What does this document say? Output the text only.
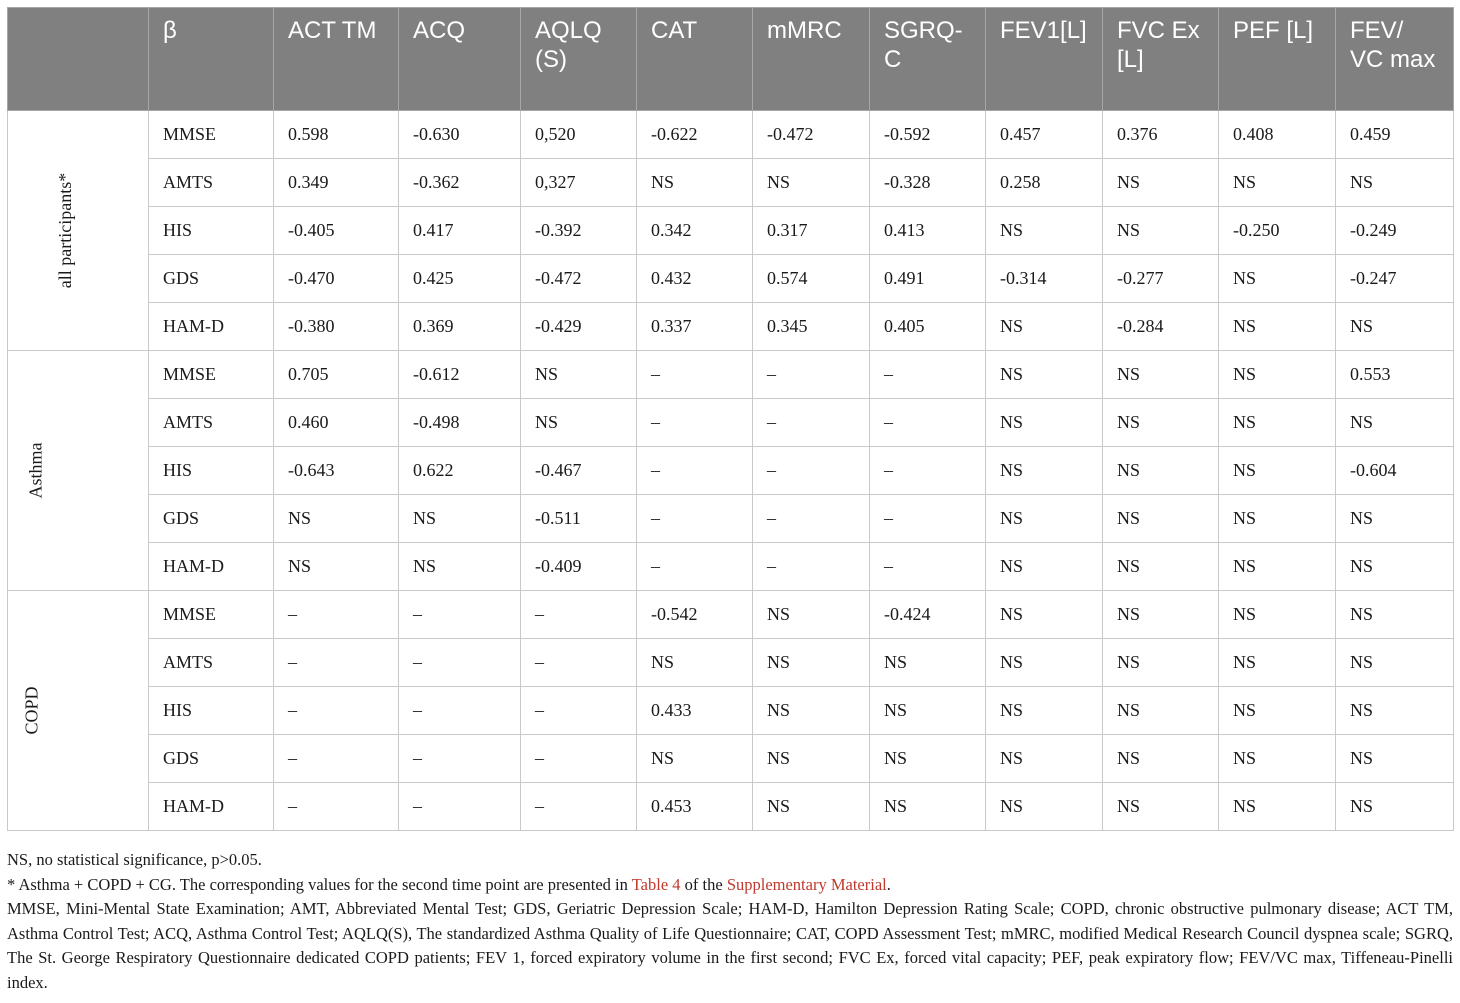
	β	ACT TM	ACQ	AQLQ (S)	CAT	mMRC	SGRQ-C	FEV1[L]	FVC Ex [L]	PEF [L]	FEV/ VC max
all participants*	MMSE	0.598	-0.630	0,520	-0.622	-0.472	-0.592	0.457	0.376	0.408	0.459
	AMTS	0.349	-0.362	0,327	NS	NS	-0.328	0.258	NS	NS	NS
	HIS	-0.405	0.417	-0.392	0.342	0.317	0.413	NS	NS	-0.250	-0.249
	GDS	-0.470	0.425	-0.472	0.432	0.574	0.491	-0.314	-0.277	NS	-0.247
	HAM-D	-0.380	0.369	-0.429	0.337	0.345	0.405	NS	-0.284	NS	NS
Asthma	MMSE	0.705	-0.612	NS	–	–	–	NS	NS	NS	0.553
	AMTS	0.460	-0.498	NS	–	–	–	NS	NS	NS	NS
	HIS	-0.643	0.622	-0.467	–	–	–	NS	NS	NS	-0.604
	GDS	NS	NS	-0.511	–	–	–	NS	NS	NS	NS
	HAM-D	NS	NS	-0.409	–	–	–	NS	NS	NS	NS
COPD	MMSE	–	–	–	-0.542	NS	-0.424	NS	NS	NS	NS
	AMTS	–	–	–	NS	NS	NS	NS	NS	NS	NS
	HIS	–	–	–	0.433	NS	NS	NS	NS	NS	NS
	GDS	–	–	–	NS	NS	NS	NS	NS	NS	NS
	HAM-D	–	–	–	0.453	NS	NS	NS	NS	NS	NS

NS, no statistical significance, p>0.05.

* Asthma + COPD + CG. The corresponding values for the second time point are presented in Table 4 of the Supplementary Material.

MMSE, Mini-Mental State Examination; AMT, Abbreviated Mental Test; GDS, Geriatric Depression Scale; HAM-D, Hamilton Depression Rating Scale; COPD, chronic obstructive pulmonary disease; ACT TM, Asthma Control Test; ACQ, Asthma Control Test; AQLQ(S), The standardized Asthma Quality of Life Questionnaire; CAT, COPD Assessment Test; mMRC, modified Medical Research Council dyspnea scale; SGRQ, The St. George Respiratory Questionnaire dedicated COPD patients; FEV 1, forced expiratory volume in the first second; FVC Ex, forced vital capacity; PEF, peak expiratory flow; FEV/VC max, Tiffeneau-Pinelli index.
